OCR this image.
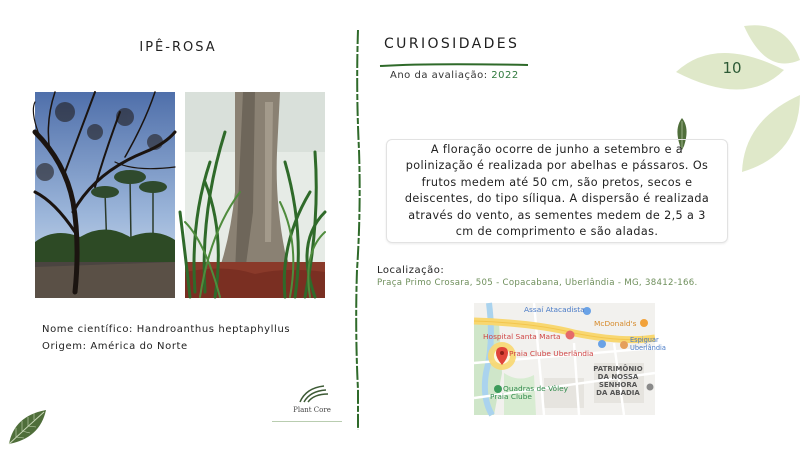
IPÊ-ROSA
Nome científico: Handroanthus heptaphyllus
Origem: América do Norte
Plant Core
CURIOSIDADES
Ano da avaliação: 2022
A floração ocorre de junho a setembro e a polinização é realizada por abelhas e pássaros. Os frutos medem até 50 cm, são pretos, secos e deiscentes, do tipo síliqua. A dispersão é realizada através do vento, as sementes medem de 2,5 a 3 cm de comprimento e são aladas.
Localização:
Praça Primo Crosara, 505 - Copacabana, Uberlândia - MG, 38412-166.
Assaí Atacadista
McDonald's
Hospital Santa Marta	Espiguar
Uberlândia
Praia Clube Uberlândia
PATRIMÔNIO
DA NOSSA
SENHORA
DA ABADIA
Quadras de Vôley
Praia Clube
10
